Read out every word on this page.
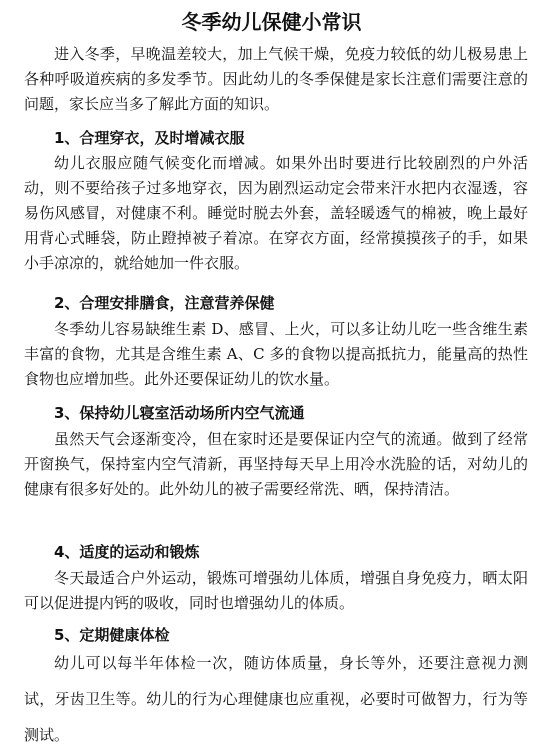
冬季幼儿保健小常识

进入冬季，早晚温差较大，加上气候干燥，免疫力较低的幼儿极易患上各种呼吸道疾病的多发季节。因此幼儿的冬季保健是家长注意们需要注意的问题，家长应当多了解此方面的知识。

1、合理穿衣，及时增减衣服

幼儿衣服应随气候变化而增减。如果外出时要进行比较剧烈的户外活动，则不要给孩子过多地穿衣，因为剧烈运动定会带来汗水把内衣湿透，容易伤风感冒，对健康不利。睡觉时脱去外套，盖轻暖透气的棉被，晚上最好用背心式睡袋，防止蹬掉被子着凉。在穿衣方面，经常摸摸孩子的手，如果小手凉凉的，就给她加一件衣服。

2、合理安排膳食，注意营养保健

冬季幼儿容易缺维生素 D、感冒、上火，可以多让幼儿吃一些含维生素丰富的食物，尤其是含维生素 A、C 多的食物以提高抵抗力，能量高的热性食物也应增加些。此外还要保证幼儿的饮水量。

3、保持幼儿寝室活动场所内空气流通

虽然天气会逐渐变冷，但在家时还是要保证内空气的流通。做到了经常开窗换气，保持室内空气清新，再坚持每天早上用冷水洗脸的话，对幼儿的健康有很多好处的。此外幼儿的被子需要经常洗、晒，保持清洁。

4、适度的运动和锻炼

冬天最适合户外运动，锻炼可增强幼儿体质，增强自身免疫力，晒太阳可以促进提内钙的吸收，同时也增强幼儿的体质。

5、定期健康体检

幼儿可以每半年体检一次，随访体质量，身长等外，还要注意视力测试，牙齿卫生等。幼儿的行为心理健康也应重视，必要时可做智力，行为等测试。
